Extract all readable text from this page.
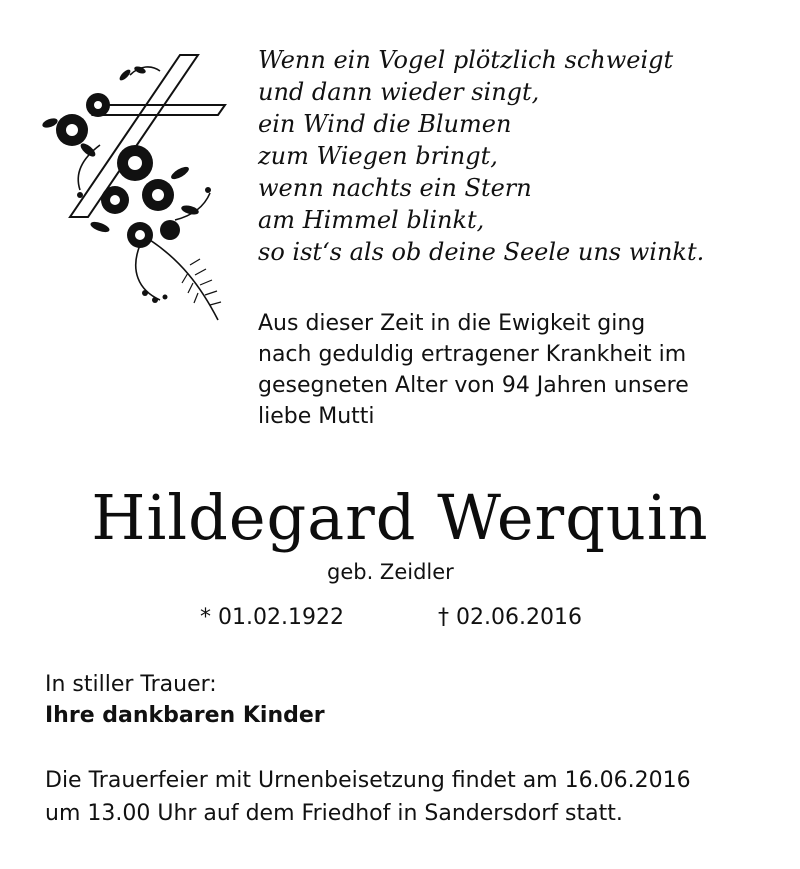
Wenn ein Vogel plötzlich schweigt
und dann wieder singt,
ein Wind die Blumen
zum Wiegen bringt,
wenn nachts ein Stern
am Himmel blinkt,
so ist‘s als ob deine Seele uns winkt.
Aus dieser Zeit in die Ewigkeit ging
nach geduldig ertragener Krankheit im
gesegneten Alter von 94 Jahren unsere
liebe Mutti
Hildegard Werquin
geb. Zeidler
* 01.02.1922	† 02.06.2016
In stiller Trauer:
Ihre dankbaren Kinder
Die Trauerfeier mit Urnenbeisetzung findet am 16.06.2016
um 13.00 Uhr auf dem Friedhof in Sandersdorf statt.
